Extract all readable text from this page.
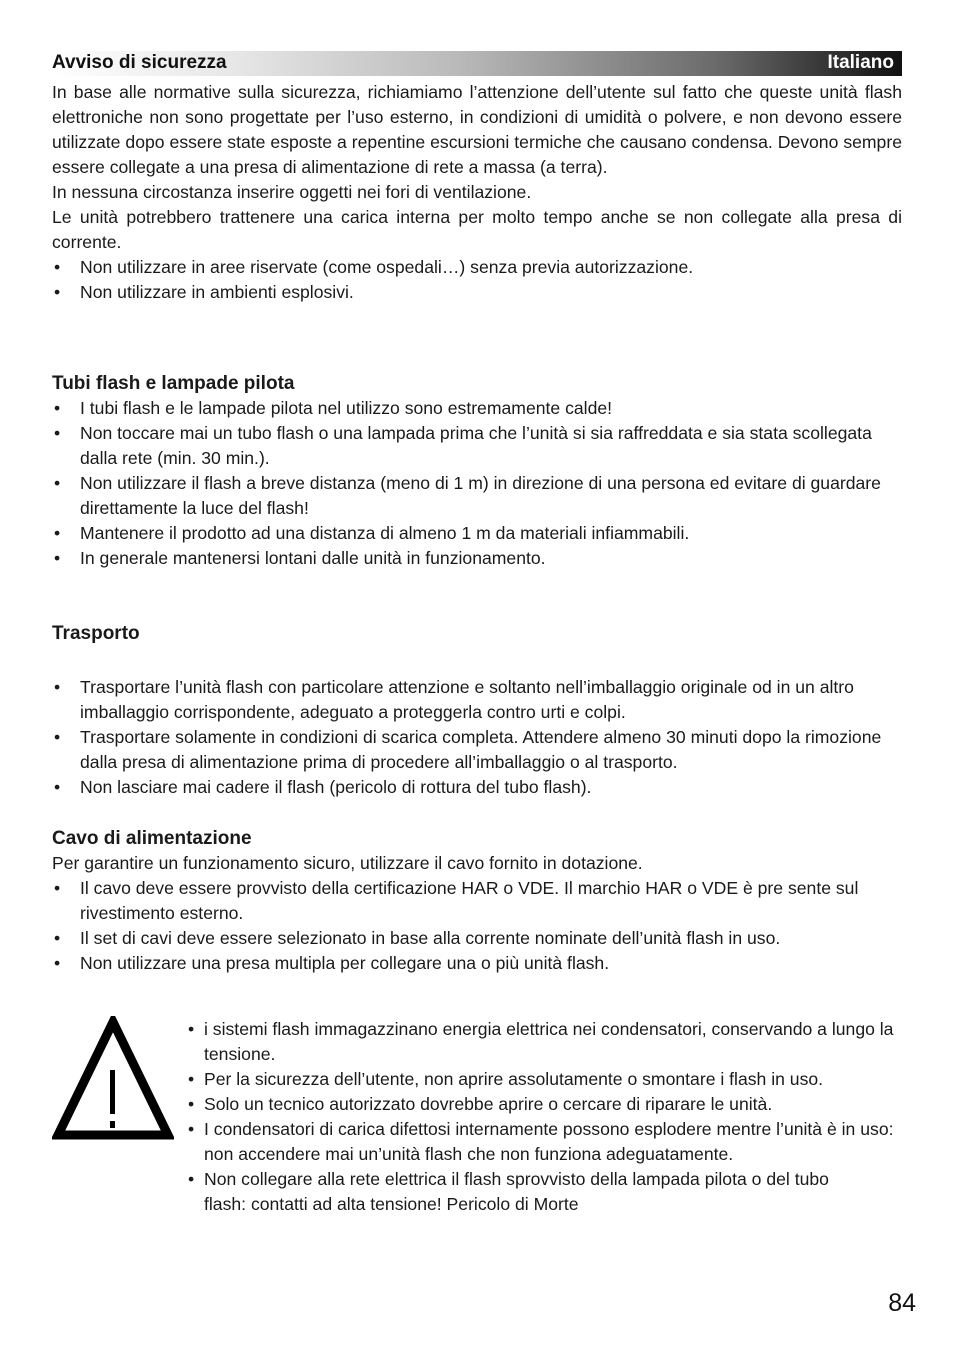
Avviso di sicurezza	Italiano

In base alle normative sulla sicurezza, richiamiamo l’attenzione dell’utente sul fatto che queste unità flash elettroniche non sono progettate per l’uso esterno, in condizioni di umidità o polvere, e non devono essere utilizzate dopo essere state esposte a repentine escursioni termiche che causano condensa. Devono sempre essere collegate a una presa di alimentazione di rete a massa (a terra).

In nessuna circostanza inserire oggetti nei fori di ventilazione.

Le unità potrebbero trattenere una carica interna per molto tempo anche se non collegate alla presa di corrente.

• Non utilizzare in aree riservate (come ospedali…) senza previa autorizzazione.
• Non utilizzare in ambienti esplosivi.
Tubi flash e lampade pilota
• I tubi flash e le lampade pilota nel utilizzo sono estremamente calde!
• Non toccare mai un tubo flash o una lampada prima che l’unità si sia raffreddata e sia stata scollegata dalla rete (min. 30 min.).
• Non utilizzare il flash a breve distanza (meno di 1 m) in direzione di una persona ed evitare di guardare direttamente la luce del flash!
• Mantenere il prodotto ad una distanza di almeno 1 m da materiali infiammabili.
• In generale mantenersi lontani dalle unità in funzionamento.
Trasporto
• Trasportare l’unità flash con particolare attenzione e soltanto nell’imballaggio originale od in un altro imballaggio corrispondente, adeguato a proteggerla contro urti e colpi.
• Trasportare solamente in condizioni di scarica completa. Attendere almeno 30 minuti dopo la rimozione dalla presa di alimentazione prima di procedere all’imballaggio o al trasporto.
• Non lasciare mai cadere il flash (pericolo di rottura del tubo flash).
Cavo di alimentazione

Per garantire un funzionamento sicuro, utilizzare il cavo fornito in dotazione.

• Il cavo deve essere provvisto della certificazione HAR o VDE. Il marchio HAR o VDE è pre sente sul rivestimento esterno.
• Il set di cavi deve essere selezionato in base alla corrente nominate dell’unità flash in uso.
• Non utilizzare una presa multipla per collegare una o più unità flash.
• i sistemi flash immagazzinano energia elettrica nei condensatori, conservando a lungo la tensione.
• Per la sicurezza dell’utente, non aprire assolutamente o smontare i flash in uso.
• Solo un tecnico autorizzato dovrebbe aprire o cercare di riparare le unità.
• I condensatori di carica difettosi internamente possono esplodere mentre l’unità è in uso: non accendere mai un’unità flash che non funziona adeguatamente.
• Non collegare alla rete elettrica il flash sprovvisto della lampada pilota o del tubo flash: contatti ad alta tensione! Pericolo di Morte
84
